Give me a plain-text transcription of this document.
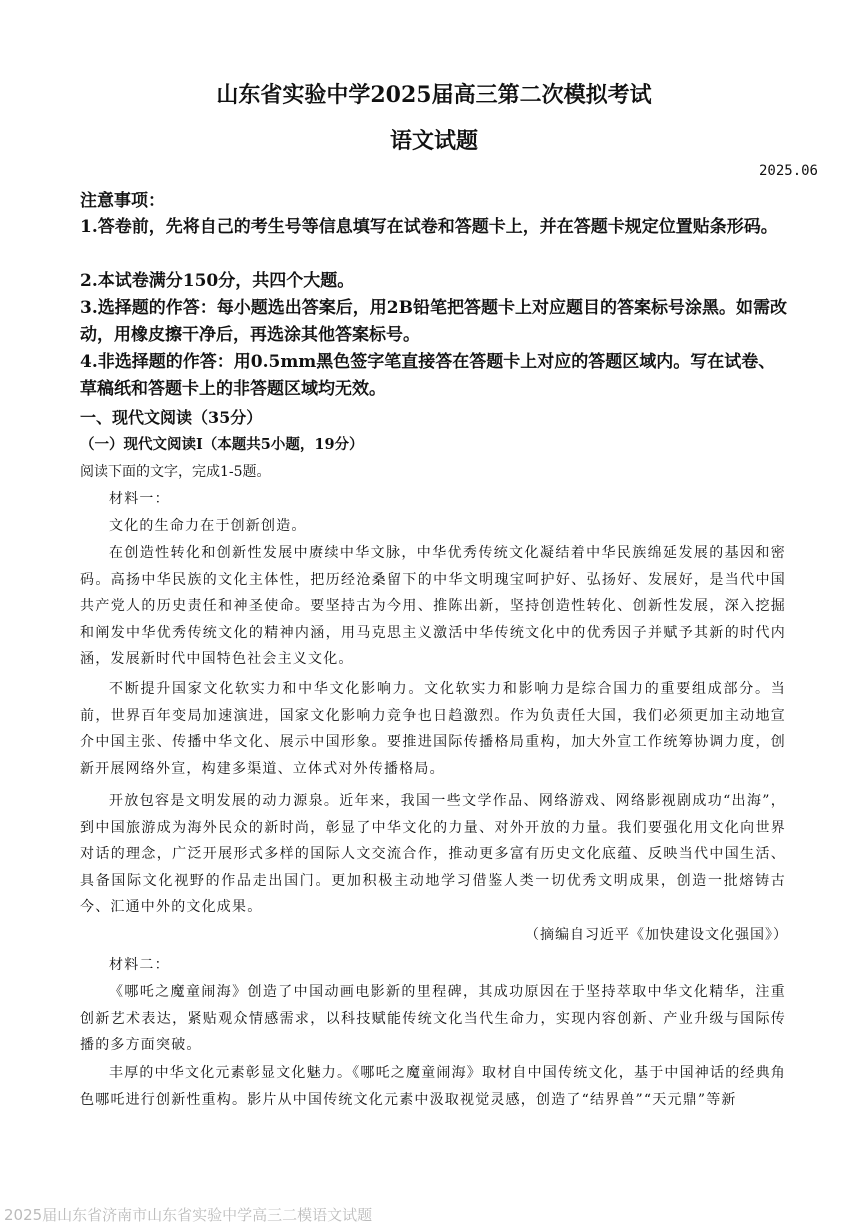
山东省实验中学2025届高三第二次模拟考试
语文试题
2025.06
注意事项：
1.答卷前，先将自己的考生号等信息填写在试卷和答题卡上，并在答题卡规定位置贴条形码。
2.本试卷满分150分，共四个大题。
3.选择题的作答：每小题选出答案后，用2B铅笔把答题卡上对应题目的答案标号涂黑。如需改动，用橡皮擦干净后，再选涂其他答案标号。
4.非选择题的作答：用0.5mm黑色签字笔直接答在答题卡上对应的答题区域内。写在试卷、草稿纸和答题卡上的非答题区域均无效。
一、现代文阅读（35分）
（一）现代文阅读Ⅰ（本题共5小题，19分）
阅读下面的文字，完成1-5题。
材料一：
文化的生命力在于创新创造。
在创造性转化和创新性发展中赓续中华文脉，中华优秀传统文化凝结着中华民族绵延发展的基因和密码。高扬中华民族的文化主体性，把历经沧桑留下的中华文明瑰宝呵护好、弘扬好、发展好，是当代中国共产党人的历史责任和神圣使命。要坚持古为今用、推陈出新，坚持创造性转化、创新性发展，深入挖掘和阐发中华优秀传统文化的精神内涵，用马克思主义激活中华传统文化中的优秀因子并赋予其新的时代内涵，发展新时代中国特色社会主义文化。
不断提升国家文化软实力和中华文化影响力。文化软实力和影响力是综合国力的重要组成部分。当前，世界百年变局加速演进，国家文化影响力竞争也日趋激烈。作为负责任大国，我们必须更加主动地宣介中国主张、传播中华文化、展示中国形象。要推进国际传播格局重构，加大外宣工作统筹协调力度，创新开展网络外宣，构建多渠道、立体式对外传播格局。
开放包容是文明发展的动力源泉。近年来，我国一些文学作品、网络游戏、网络影视剧成功“出海”，到中国旅游成为海外民众的新时尚，彰显了中华文化的力量、对外开放的力量。我们要强化用文化向世界对话的理念，广泛开展形式多样的国际人文交流合作，推动更多富有历史文化底蕴、反映当代中国生活、具备国际文化视野的作品走出国门。更加积极主动地学习借鉴人类一切优秀文明成果，创造一批熔铸古今、汇通中外的文化成果。
（摘编自习近平《加快建设文化强国》）
材料二：
《哪吒之魔童闹海》创造了中国动画电影新的里程碑，其成功原因在于坚持萃取中华文化精华，注重创新艺术表达，紧贴观众情感需求，以科技赋能传统文化当代生命力，实现内容创新、产业升级与国际传播的多方面突破。
丰厚的中华文化元素彰显文化魅力。《哪吒之魔童闹海》取材自中国传统文化，基于中国神话的经典角色哪吒进行创新性重构。影片从中国传统文化元素中汲取视觉灵感，创造了“结界兽”“天元鼎”等新
2025届山东省济南市山东省实验中学高三二模语文试题
